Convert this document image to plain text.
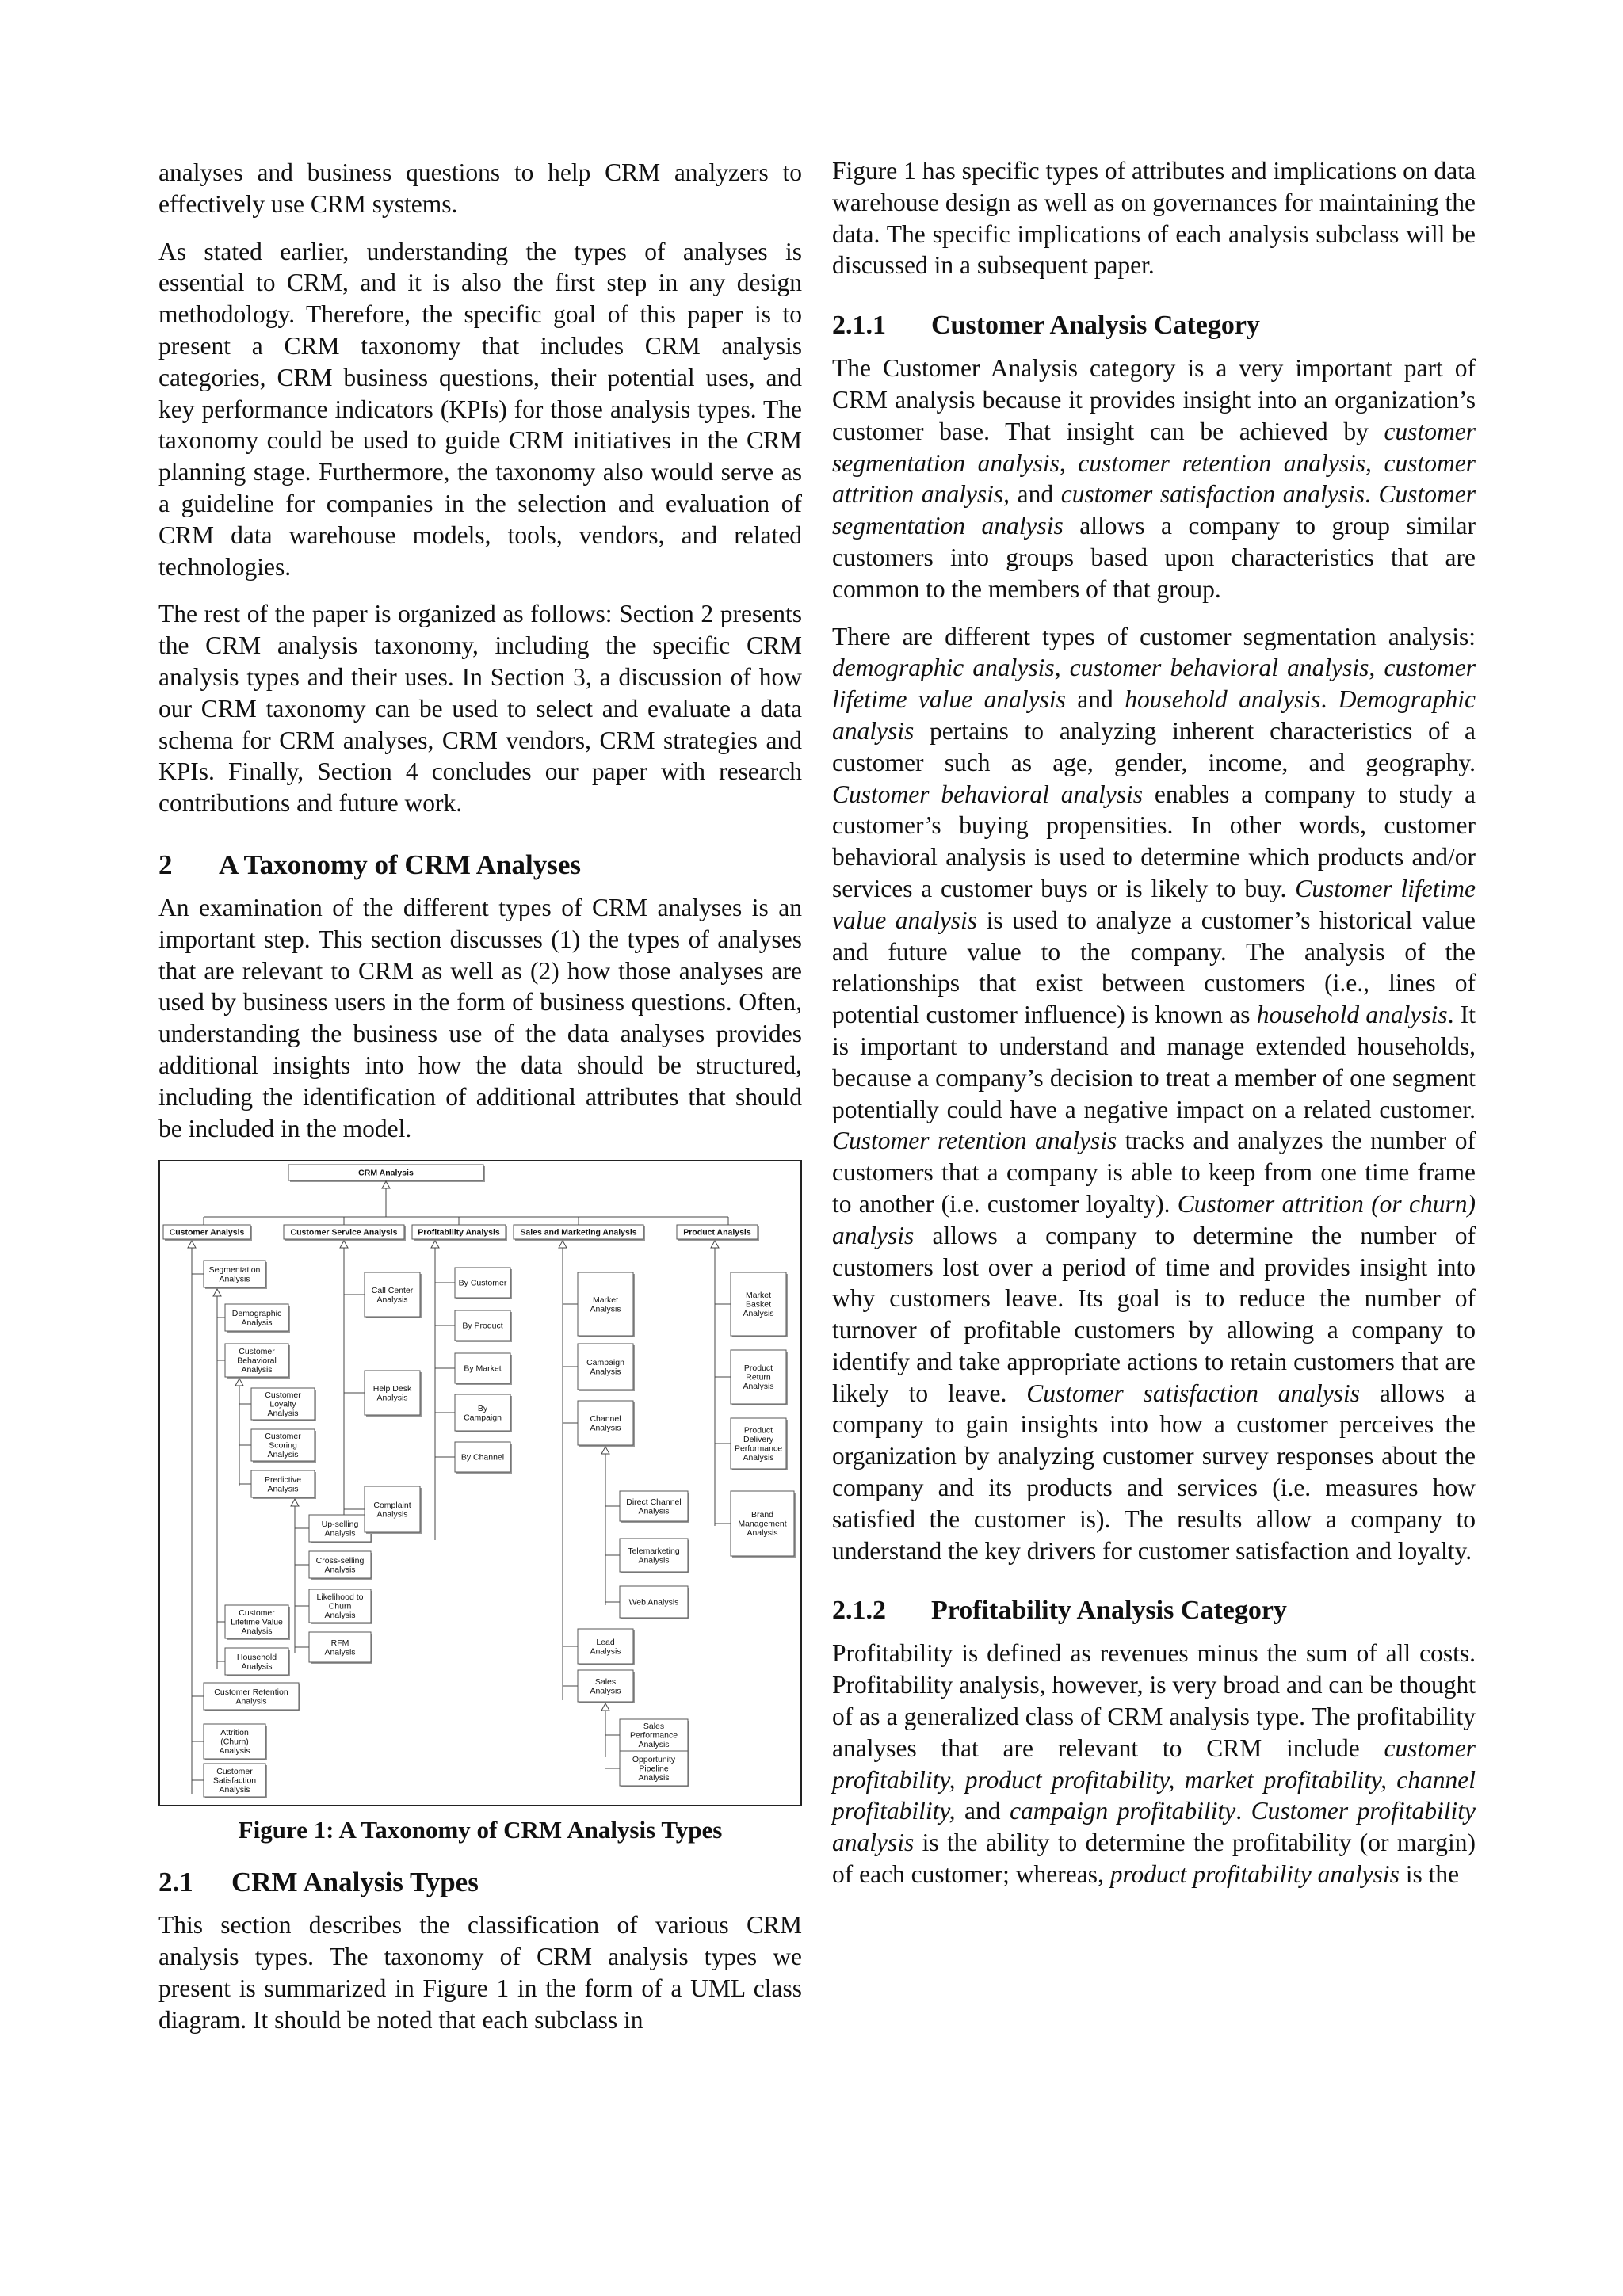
analyses and business questions to help CRM analyzers to effectively use CRM systems.

As stated earlier, understanding the types of analyses is essential to CRM, and it is also the first step in any design methodology. Therefore, the specific goal of this paper is to present a CRM taxonomy that includes CRM analysis categories, CRM business questions, their potential uses, and key performance indicators (KPIs) for those analysis types. The taxonomy could be used to guide CRM initiatives in the CRM planning stage. Furthermore, the taxonomy also would serve as a guideline for companies in the selection and evaluation of CRM data warehouse models, tools, vendors, and related technologies.

The rest of the paper is organized as follows: Section 2 presents the CRM analysis taxonomy, including the specific CRM analysis types and their uses. In Section 3, a discussion of how our CRM taxonomy can be used to select and evaluate a data schema for CRM analyses, CRM vendors, CRM strategies and KPIs. Finally, Section 4 concludes our paper with research contributions and future work.

2 A Taxonomy of CRM Analyses

An examination of the different types of CRM analyses is an important step. This section discusses (1) the types of analyses that are relevant to CRM as well as (2) how those analyses are used by business users in the form of business questions. Often, understanding the business use of the data analyses provides additional insights into how the data should be structured, including the identification of additional attributes that should be included in the model.

CRM Analysis
Customer Analysis	Customer Service Analysis Profitability Analysis Sales and Marketing Analysis	Product Analysis
Segmentation
Analysis
Customer Retention
Analysis
Attrition
(Churn)
Analysis
Customer
Satisfaction
Analysis
Demographic
Analysis
Customer
Behavioral
Analysis
Customer
Lifetime Value
Analysis
Household
Analysis
Customer
Loyalty
Analysis
Customer
Scoring
Analysis
Predictive
Analysis
Up-selling
Analysis
Cross-selling
Analysis
Likelihood to
Churn
Analysis
RFM
Analysis
Call Center
Analysis
Help Desk
Analysis
Complaint
Analysis
By Customer
By Product
By Market
By
Campaign
By Channel
Market
Analysis
Campaign
Analysis
Channel
Analysis
Lead
Analysis
Sales
Analysis
Direct Channel
Analysis
Telemarketing
Analysis
Web Analysis
Sales
Performance
Analysis
Opportunity
Pipeline
Analysis
Market
Basket
Analysis
Product
Return
Analysis
Product
Delivery
Performance
Analysis
Brand
Management
Analysis
Figure 1: A Taxonomy of CRM Analysis Types
2.1 CRM Analysis Types

This section describes the classification of various CRM analysis types. The taxonomy of CRM analysis types we present is summarized in Figure 1 in the form of a UML class diagram. It should be noted that each subclass in

Figure 1 has specific types of attributes and implications on data warehouse design as well as on governances for maintaining the data. The specific implications of each analysis subclass will be discussed in a subsequent paper.

2.1.1 Customer Analysis Category

The Customer Analysis category is a very important part of CRM analysis because it provides insight into an organization’s customer base. That insight can be achieved by customer segmentation analysis, customer retention analysis, customer attrition analysis, and customer satisfaction analysis. Customer segmentation analysis allows a company to group similar customers into groups based upon characteristics that are common to the members of that group.

There are different types of customer segmentation analysis: demographic analysis, customer behavioral analysis, customer lifetime value analysis and household analysis. Demographic analysis pertains to analyzing inherent characteristics of a customer such as age, gender, income, and geography. Customer behavioral analysis enables a company to study a customer’s buying propensities. In other words, customer behavioral analysis is used to determine which products and/or services a customer buys or is likely to buy. Customer lifetime value analysis is used to analyze a customer’s historical value and future value to the company. The analysis of the relationships that exist between customers (i.e., lines of potential customer influence) is known as household analysis. It is important to understand and manage extended households, because a company’s decision to treat a member of one segment potentially could have a negative impact on a related customer. Customer retention analysis tracks and analyzes the number of customers that a company is able to keep from one time frame to another (i.e. customer loyalty). Customer attrition (or churn) analysis allows a company to determine the number of customers lost over a period of time and provides insight into why customers leave. Its goal is to reduce the number of turnover of profitable customers by allowing a company to identify and take appropriate actions to retain customers that are likely to leave. Customer satisfaction analysis allows a company to gain insights into how a customer perceives the organization by analyzing customer survey responses about the company and its products and services (i.e. measures how satisfied the customer is). The results allow a company to understand the key drivers for customer satisfaction and loyalty.

2.1.2 Profitability Analysis Category

Profitability is defined as revenues minus the sum of all costs. Profitability analysis, however, is very broad and can be thought of as a generalized class of CRM analysis type. The profitability analyses that are relevant to CRM include customer profitability, product profitability, market profitability, channel profitability, and campaign profitability. Customer profitability analysis is the ability to determine the profitability (or margin) of each customer; whereas, product profitability analysis is the
